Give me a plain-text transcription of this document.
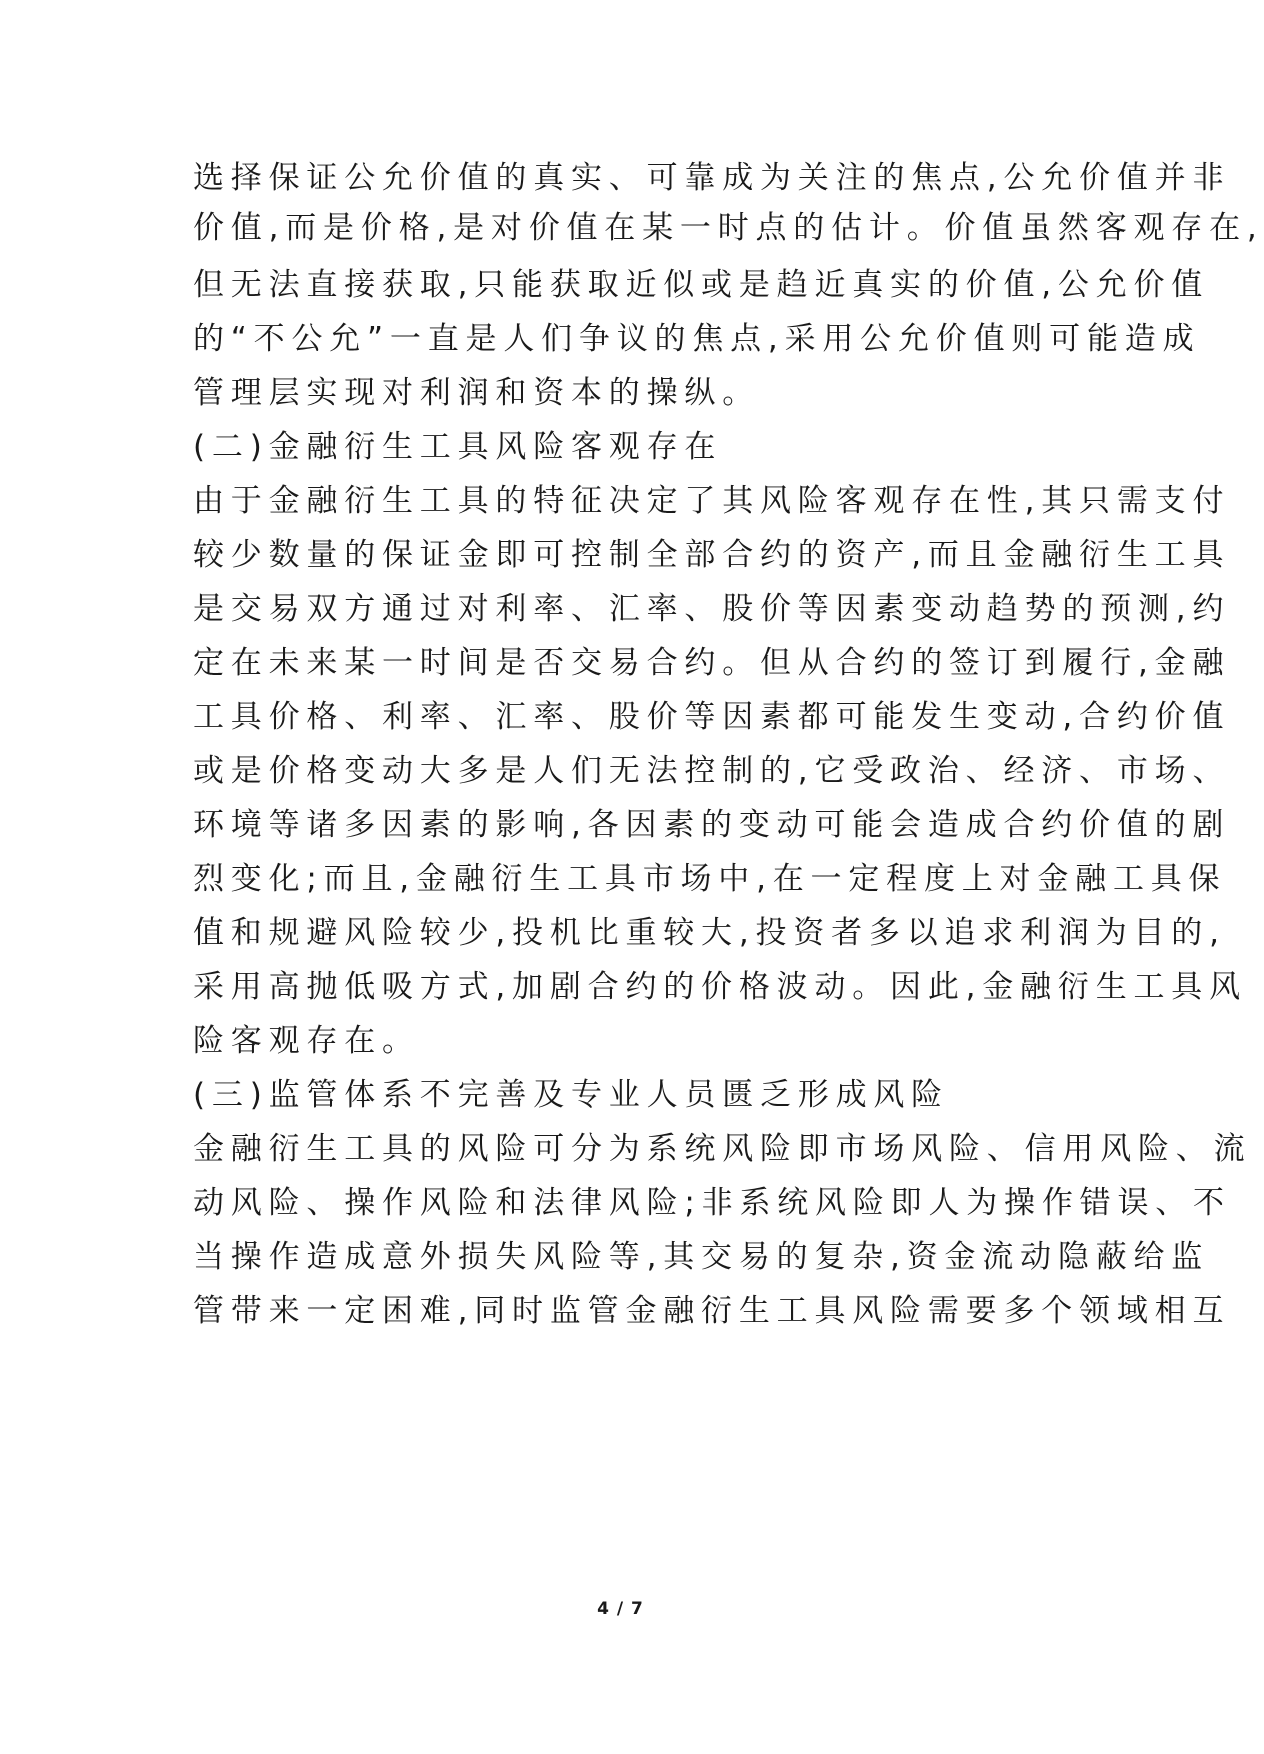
选择保证公允价值的真实、可靠成为关注的焦点,公允价值并非
价值,而是价格,是对价值在某一时点的估计。价值虽然客观存在,
但无法直接获取,只能获取近似或是趋近真实的价值,公允价值
的“不公允”一直是人们争议的焦点,采用公允价值则可能造成
管理层实现对利润和资本的操纵。
(二)金融衍生工具风险客观存在
由于金融衍生工具的特征决定了其风险客观存在性,其只需支付
较少数量的保证金即可控制全部合约的资产,而且金融衍生工具
是交易双方通过对利率、汇率、股价等因素变动趋势的预测,约
定在未来某一时间是否交易合约。但从合约的签订到履行,金融
工具价格、利率、汇率、股价等因素都可能发生变动,合约价值
或是价格变动大多是人们无法控制的,它受政治、经济、市场、
环境等诸多因素的影响,各因素的变动可能会造成合约价值的剧
烈变化;而且,金融衍生工具市场中,在一定程度上对金融工具保
值和规避风险较少,投机比重较大,投资者多以追求利润为目的,
采用高抛低吸方式,加剧合约的价格波动。因此,金融衍生工具风
险客观存在。
(三)监管体系不完善及专业人员匮乏形成风险
金融衍生工具的风险可分为系统风险即市场风险、信用风险、流
动风险、操作风险和法律风险;非系统风险即人为操作错误、不
当操作造成意外损失风险等,其交易的复杂,资金流动隐蔽给监
管带来一定困难,同时监管金融衍生工具风险需要多个领域相互
4 / 7
